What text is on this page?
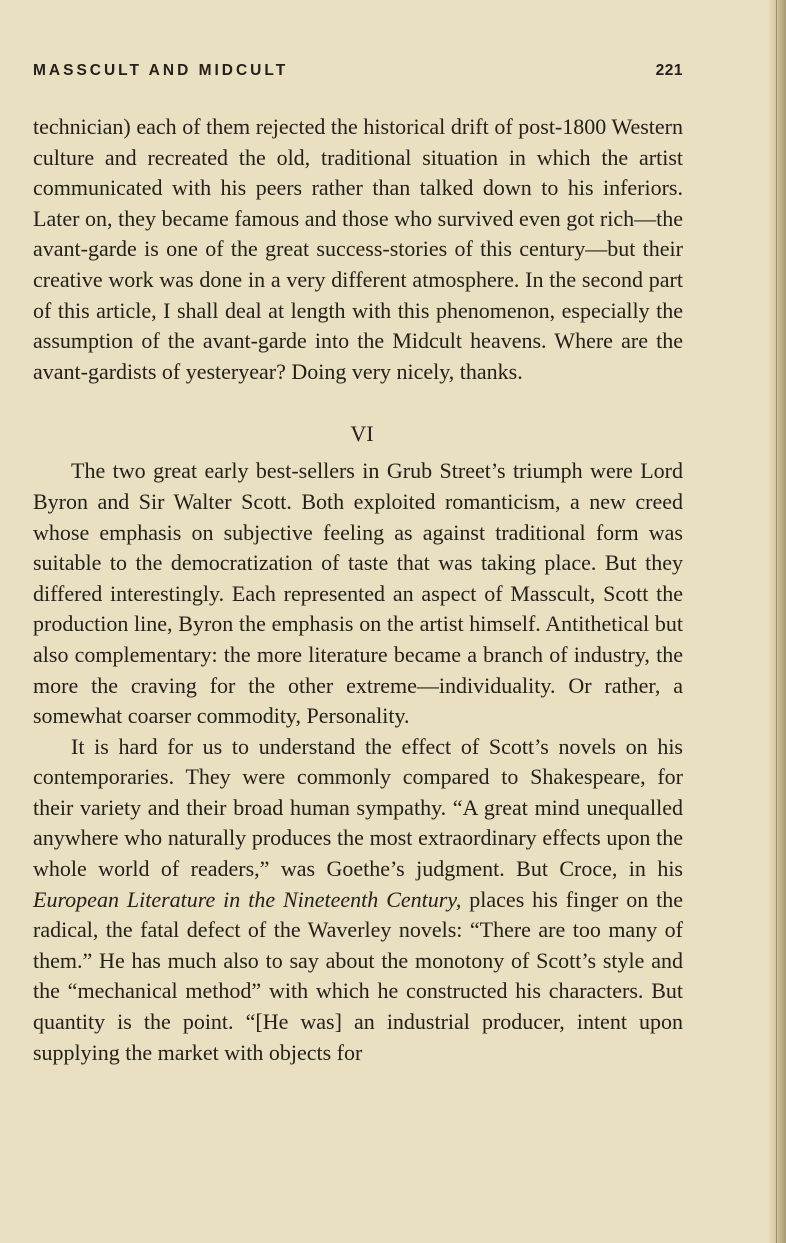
MASSCULT AND MIDCULT	221

technician) each of them rejected the historical drift of post-1800 Western culture and recreated the old, traditional situation in which the artist communicated with his peers rather than talked down to his inferiors. Later on, they became famous and those who survived even got rich—the avant-garde is one of the great success-stories of this century—but their creative work was done in a very different atmosphere. In the second part of this article, I shall deal at length with this phenomenon, especially the assumption of the avant-garde into the Midcult heavens. Where are the avant-gardists of yesteryear? Doing very nicely, thanks.

VI

The two great early best-sellers in Grub Street’s triumph were Lord Byron and Sir Walter Scott. Both exploited romanticism, a new creed whose emphasis on subjective feeling as against traditional form was suitable to the democratization of taste that was taking place. But they differed interestingly. Each represented an aspect of Masscult, Scott the production line, Byron the emphasis on the artist himself. Antithetical but also complementary: the more literature became a branch of industry, the more the craving for the other extreme—individuality. Or rather, a somewhat coarser commodity, Personality.

It is hard for us to understand the effect of Scott’s novels on his contemporaries. They were commonly compared to Shakespeare, for their variety and their broad human sympathy. “A great mind unequalled anywhere who naturally produces the most extraordinary effects upon the whole world of readers,” was Goethe’s judgment. But Croce, in his European Literature in the Nineteenth Century, places his finger on the radical, the fatal defect of the Waverley novels: “There are too many of them.” He has much also to say about the monotony of Scott’s style and the “mechanical method” with which he constructed his characters. But quantity is the point. “[He was] an industrial producer, intent upon supplying the market with objects for
